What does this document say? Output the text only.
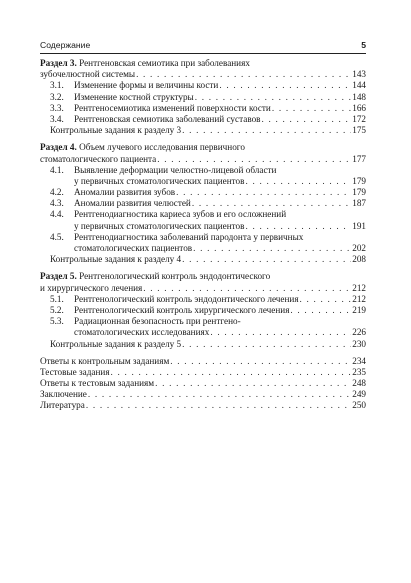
Содержание	5
Раздел 3. Рентгеновская семиотика при заболеваниях
зубочелюстной системы . . .	143
3.1.	Изменение формы и величины кости . . .	144
3.2.	Изменение костной структуры . . .	148
3.3.	Рентгеносемиотика изменений поверхности кости . . .	166
3.4.	Рентгеновская семиотика заболеваний суставов . . .	172
Контрольные задания к разделу 3 . . .	175
Раздел 4. Объем лучевого исследования первичного
стоматологического пациента . . .	177
4.1.	Выявление деформации челюстно-лицевой области
у первичных стоматологических пациентов . . .	179
4.2.	Аномалии развития зубов . . .	179
4.3.	Аномалии развития челюстей . . .	187
4.4.	Рентгенодиагностика кариеса зубов и его осложнений
у первичных стоматологических пациентов . . .	191
4.5.	Рентгенодиагностика заболеваний пародонта у первичных
стоматологических пациентов . . .	202
Контрольные задания к разделу 4 . . .	208
Раздел 5. Рентгенологический контроль эндодонтического
и хирургического лечения . . .	212
5.1.	Рентгенологический контроль эндодонтического лечения . . .	212
5.2.	Рентгенологический контроль хирургического лечения . . .	219
5.3.	Радиационная безопасность при рентгено-
стоматологических исследованиях . . .	226
Контрольные задания к разделу 5 . . .	230
Ответы к контрольным заданиям . . .	234
Тестовые задания . . .	235
Ответы к тестовым заданиям . . .	248
Заключение . . .	249
Литература . . .	250
